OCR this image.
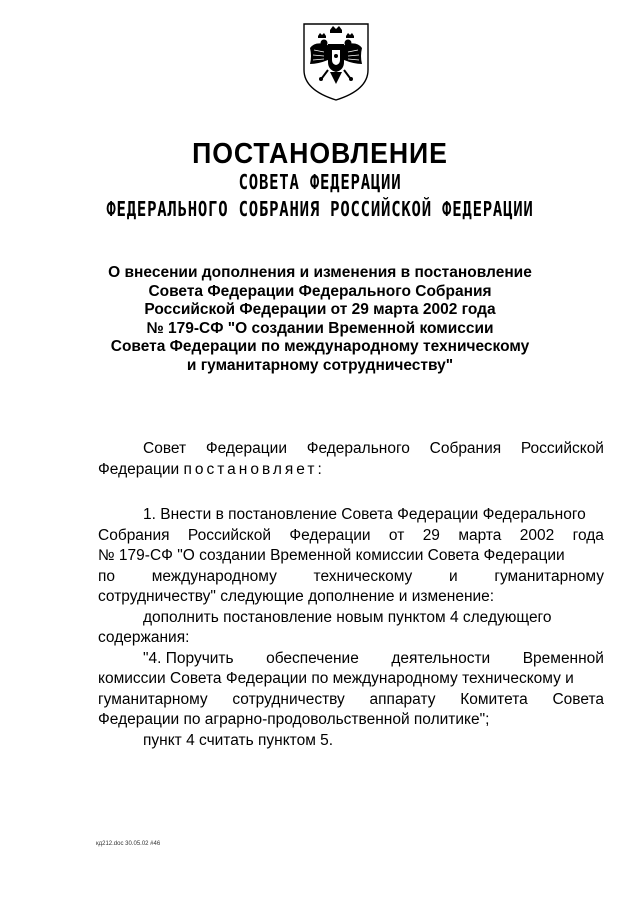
ПОСТАНОВЛЕНИЕ
СОВЕТА ФЕДЕРАЦИИ
ФЕДЕРАЛЬНОГО СОБРАНИЯ РОССИЙСКОЙ ФЕДЕРАЦИИ
О внесении дополнения и изменения в постановление
Совета Федерации Федерального Собрания
Российской Федерации от 29 марта 2002 года
№ 179-СФ "О создании Временной комиссии
Совета Федерации по международному техническому
и гуманитарному сотрудничеству"
Совет Федерации Федерального Собрания Российской
Федерации постановляет:
1. Внести в постановление Совета Федерации Федерального
Собрания Российской Федерации от 29 марта 2002 года
№ 179-СФ "О создании Временной комиссии Совета Федерации
по международному техническому и гуманитарному
сотрудничеству" следующие дополнение и изменение:
дополнить постановление новым пунктом 4 следующего
содержания:
"4. Поручить обеспечение деятельности Временной
комиссии Совета Федерации по международному техническому и
гуманитарному сотрудничеству аппарату Комитета Совета
Федерации по аграрно-продовольственной политике";
пункт 4 считать пунктом 5.
кд212.doc 30.05.02 #46
